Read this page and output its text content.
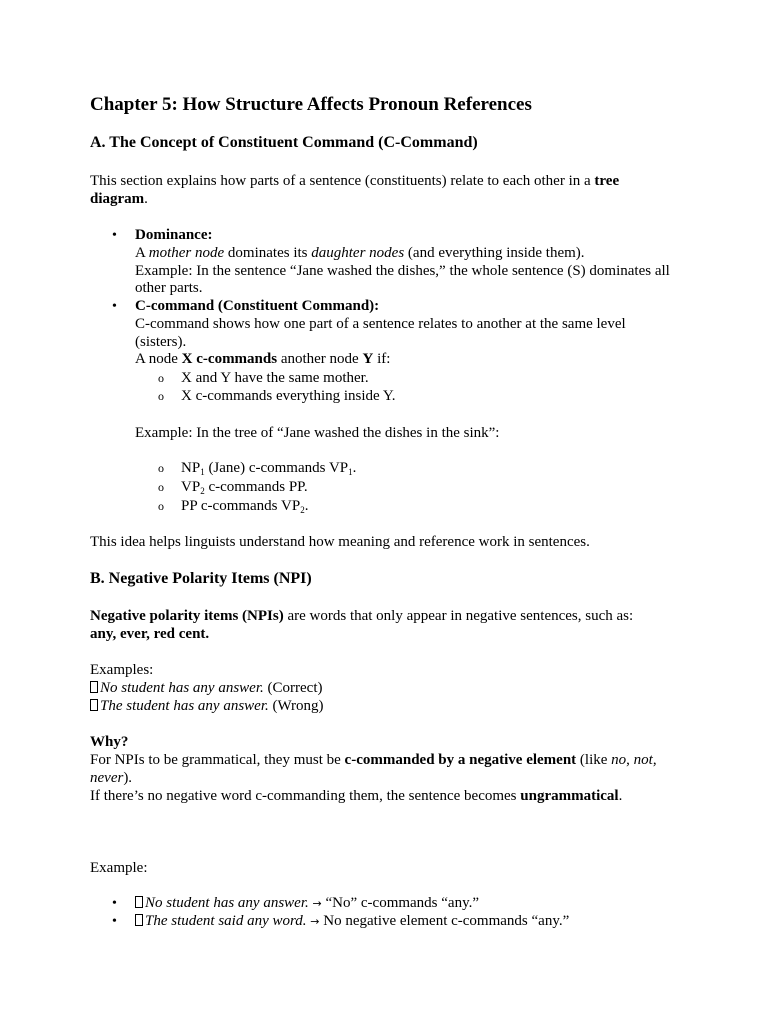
Chapter 5: How Structure Affects Pronoun References
A. The Concept of Constituent Command (C-Command)
This section explains how parts of a sentence (constituents) relate to each other in a tree
diagram.
• Dominance:
A mother node dominates its daughter nodes (and everything inside them).
Example: In the sentence “Jane washed the dishes,” the whole sentence (S) dominates all
other parts.
• C-command (Constituent Command):
C-command shows how one part of a sentence relates to another at the same level
(sisters).
A node X c-commands another node Y if:
o X and Y have the same mother.
o X c-commands everything inside Y.
Example: In the tree of “Jane washed the dishes in the sink”:
o $NP_1$ (Jane) c-commands $VP_1$.
o $VP_2$ c-commands PP.
o PP c-commands $VP_2$.
This idea helps linguists understand how meaning and reference work in sentences.
B. Negative Polarity Items (NPI)
Negative polarity items (NPIs) are words that only appear in negative sentences, such as:
any, ever, red cent.
Examples:
No student has any answer. (Correct)
The student has any answer. (Wrong)
Why?
For NPIs to be grammatical, they must be c-commanded by a negative element (like no, not,
never).
If there’s no negative word c-commanding them, the sentence becomes ungrammatical.
Example:
•	No student has any answer. → “No” c-commands “any.”
•	The student said any word. → No negative element c-commands “any.”
